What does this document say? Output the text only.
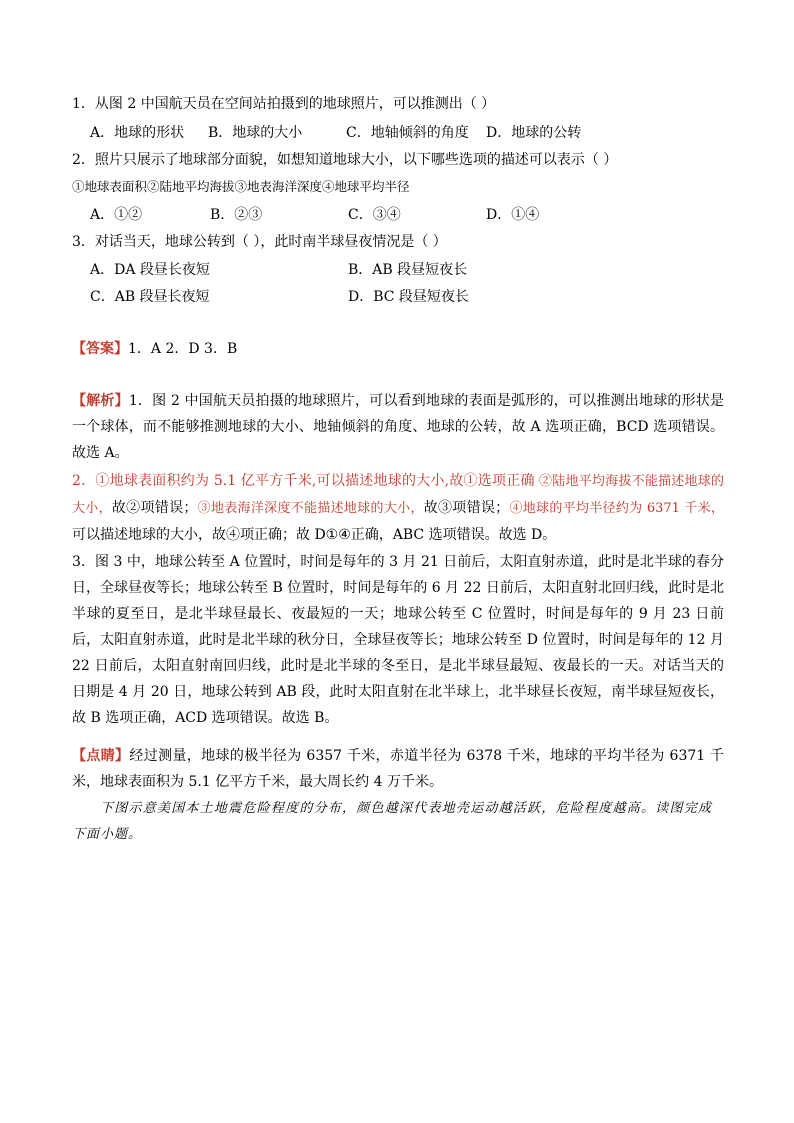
1．从图 2 中国航天员在空间站拍摄到的地球照片，可以推测出（ ）
A．地球的形状 B．地球的大小	C．地轴倾斜的角度 D．地球的公转
2．照片只展示了地球部分面貌，如想知道地球大小，以下哪些选项的描述可以表示（ ）
①地球表面积②陆地平均海拔③地表海洋深度④地球平均半径
A．①②	B．②③	C．③④	D．①④
3．对话当天，地球公转到（ ），此时南半球昼夜情况是（ ）
A．DA 段昼长夜短	B．AB 段昼短夜长
C．AB 段昼长夜短	D．BC 段昼短夜长
【答案】1．A 2．D 3．B
【解析】1．图 2 中国航天员拍摄的地球照片，可以看到地球的表面是弧形的，可以推测出地球的形状是一个球体，而不能够推测地球的大小、地轴倾斜的角度、地球的公转，故 A 选项正确，BCD 选项错误。故选 A。
2．①地球表面积约为 5.1 亿平方千米,可以描述地球的大小,故①选项正确 ②陆地平均海拔不能描述地球的大小，故②项错误；③地表海洋深度不能描述地球的大小，故③项错误；④地球的平均半径约为 6371 千米，可以描述地球的大小，故④项正确；故 D①④正确，ABC 选项错误。故选 D。
3．图 3 中，地球公转至 A 位置时，时间是每年的 3 月 21 日前后，太阳直射赤道，此时是北半球的春分日，全球昼夜等长；地球公转至 B 位置时，时间是每年的 6 月 22 日前后，太阳直射北回归线，此时是北半球的夏至日，是北半球昼最长、夜最短的一天；地球公转至 C 位置时，时间是每年的 9 月 23 日前后，太阳直射赤道，此时是北半球的秋分日，全球昼夜等长；地球公转至 D 位置时，时间是每年的 12 月 22 日前后，太阳直射南回归线，此时是北半球的冬至日，是北半球昼最短、夜最长的一天。对话当天的日期是 4 月 20 日，地球公转到 AB 段，此时太阳直射在北半球上，北半球昼长夜短，南半球昼短夜长，故 B 选项正确，ACD 选项错误。故选 B。
【点睛】经过测量，地球的极半径为 6357 千米，赤道半径为 6378 千米，地球的平均半径为 6371 千米，地球表面积为 5.1 亿平方千米，最大周长约 4 万千米。
下图示意美国本土地震危险程度的分布，颜色越深代表地壳运动越活跃，危险程度越高。读图完成下面小题。
